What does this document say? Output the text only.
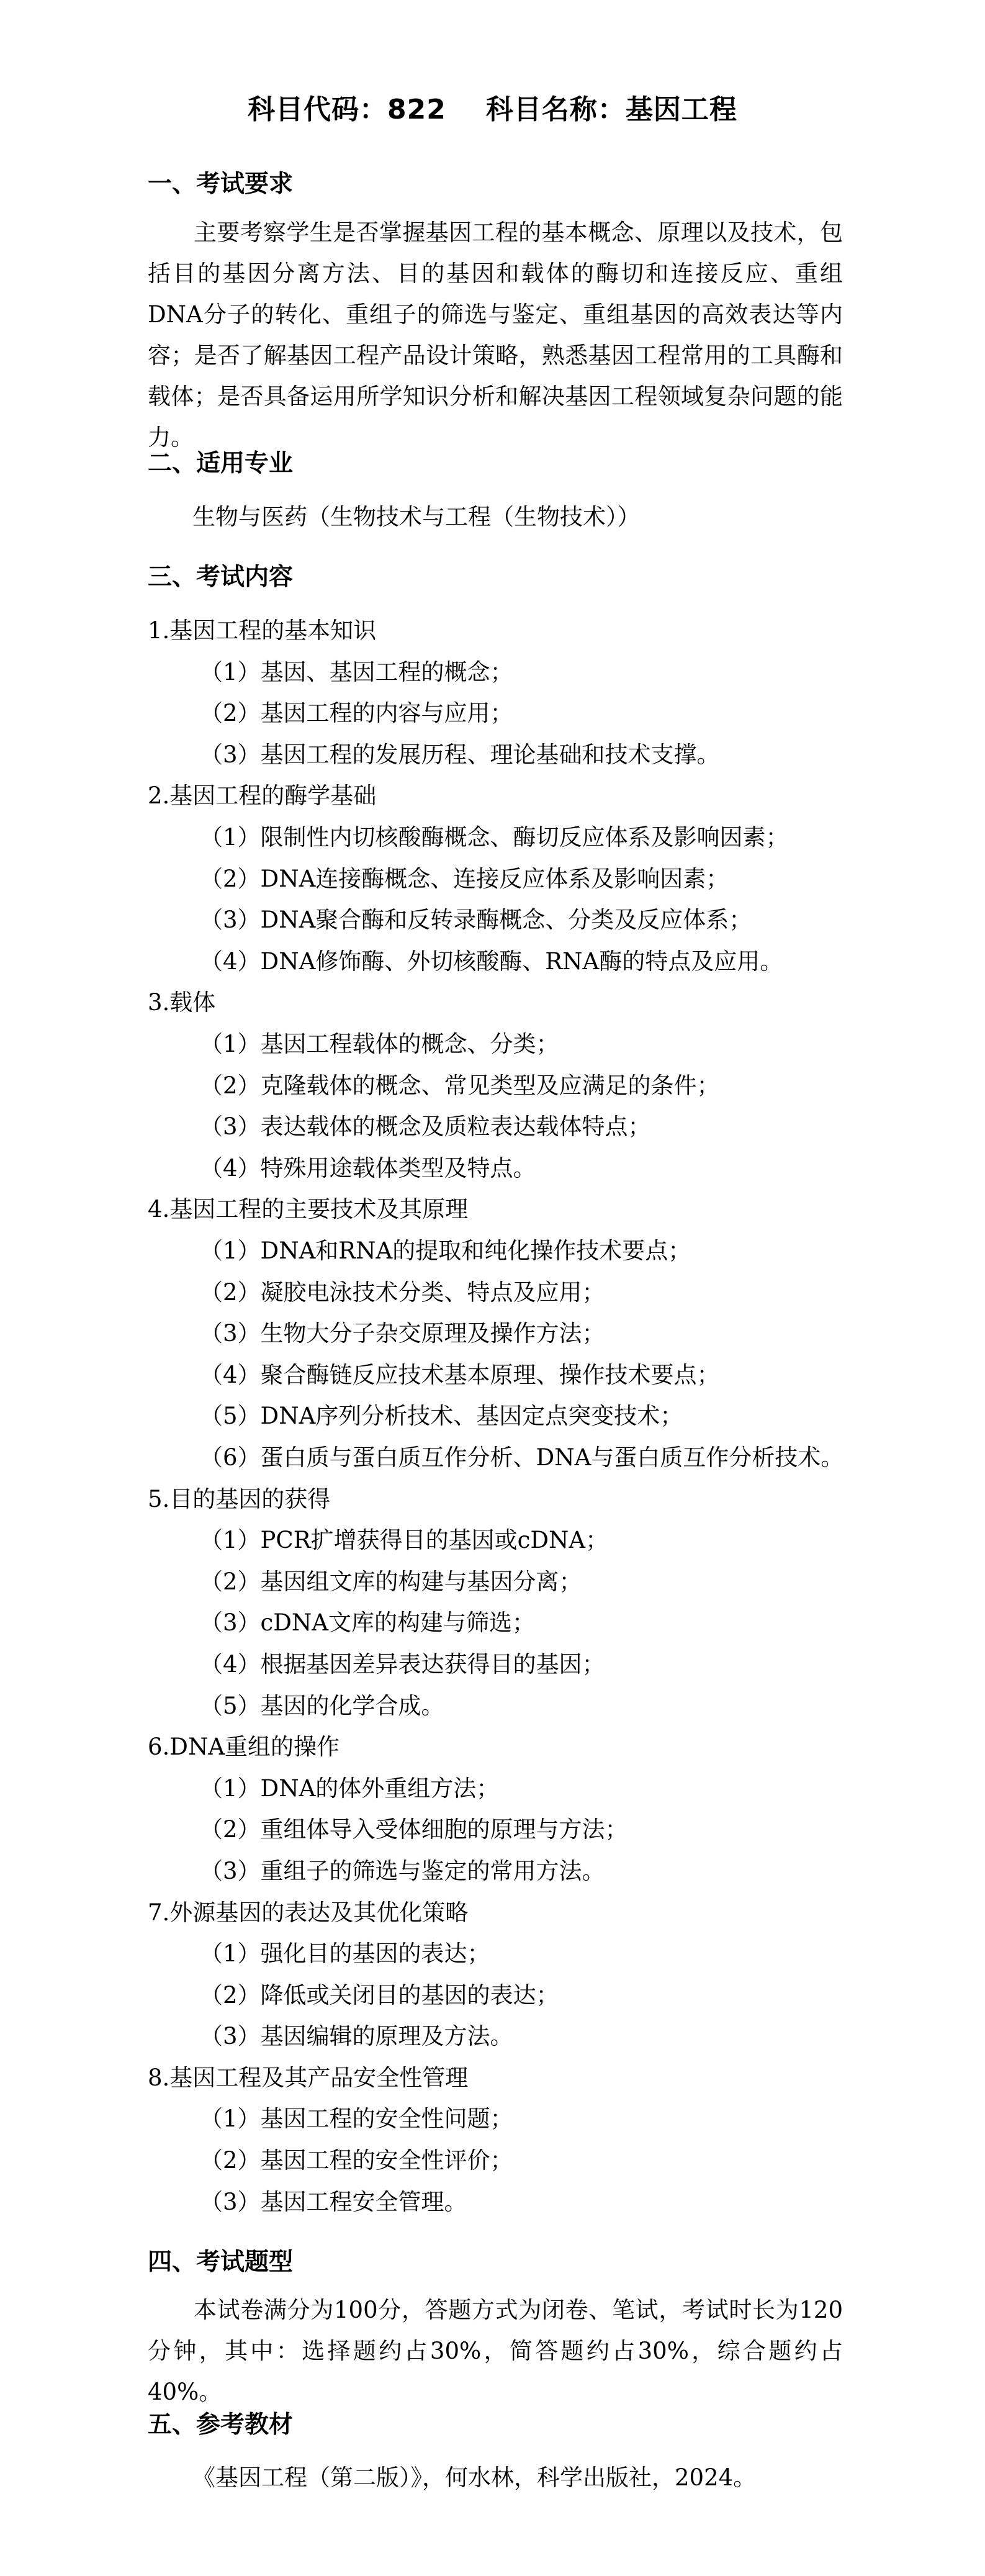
科目代码：822 科目名称：基因工程
一、考试要求
主要考察学生是否掌握基因工程的基本概念、原理以及技术，包括目的基因分离方法、目的基因和载体的酶切和连接反应、重组DNA分子的转化、重组子的筛选与鉴定、重组基因的高效表达等内容；是否了解基因工程产品设计策略，熟悉基因工程常用的工具酶和载体；是否具备运用所学知识分析和解决基因工程领域复杂问题的能力。
二、适用专业
生物与医药（生物技术与工程（生物技术））
三、考试内容
1.基因工程的基本知识
（1）基因、基因工程的概念；
（2）基因工程的内容与应用；
（3）基因工程的发展历程、理论基础和技术支撑。
2.基因工程的酶学基础
（1）限制性内切核酸酶概念、酶切反应体系及影响因素；
（2）DNA连接酶概念、连接反应体系及影响因素；
（3）DNA聚合酶和反转录酶概念、分类及反应体系；
（4）DNA修饰酶、外切核酸酶、RNA酶的特点及应用。
3.载体
（1）基因工程载体的概念、分类；
（2）克隆载体的概念、常见类型及应满足的条件；
（3）表达载体的概念及质粒表达载体特点；
（4）特殊用途载体类型及特点。
4.基因工程的主要技术及其原理
（1）DNA和RNA的提取和纯化操作技术要点；
（2）凝胶电泳技术分类、特点及应用；
（3）生物大分子杂交原理及操作方法；
（4）聚合酶链反应技术基本原理、操作技术要点；
（5）DNA序列分析技术、基因定点突变技术；
（6）蛋白质与蛋白质互作分析、DNA与蛋白质互作分析技术。
5.目的基因的获得
（1）PCR扩增获得目的基因或cDNA；
（2）基因组文库的构建与基因分离；
（3）cDNA文库的构建与筛选；
（4）根据基因差异表达获得目的基因；
（5）基因的化学合成。
6.DNA重组的操作
（1）DNA的体外重组方法；
（2）重组体导入受体细胞的原理与方法；
（3）重组子的筛选与鉴定的常用方法。
7.外源基因的表达及其优化策略
（1）强化目的基因的表达；
（2）降低或关闭目的基因的表达；
（3）基因编辑的原理及方法。
8.基因工程及其产品安全性管理
（1）基因工程的安全性问题；
（2）基因工程的安全性评价；
（3）基因工程安全管理。
四、考试题型
本试卷满分为100分，答题方式为闭卷、笔试，考试时长为120分钟，其中：选择题约占30%，简答题约占30%，综合题约占40%。
五、参考教材
《基因工程（第二版）》，何水林，科学出版社，2024。
